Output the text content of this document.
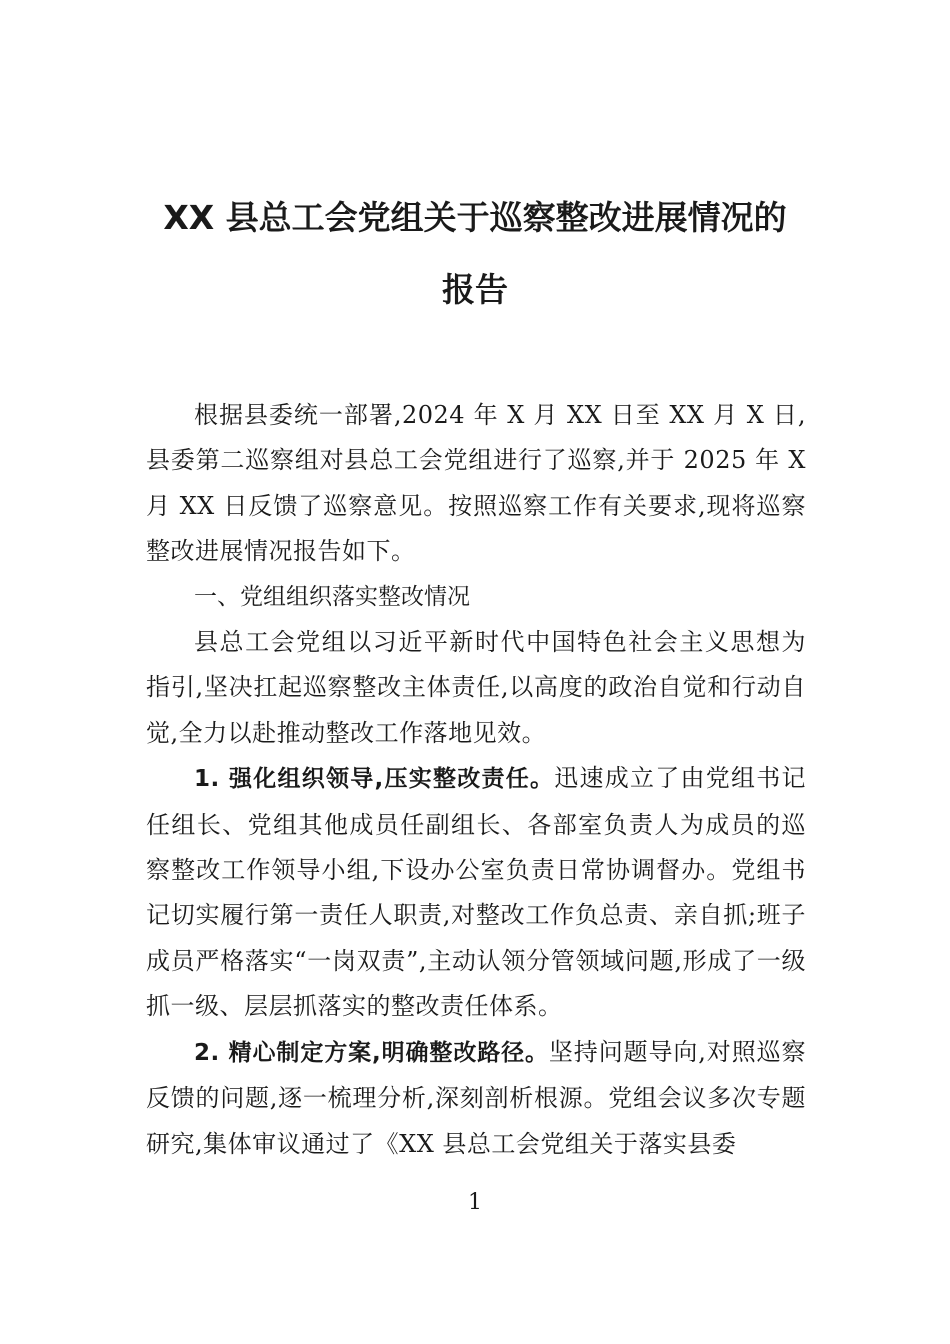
XX 县总工会党组关于巡察整改进展情况的
报告

根据县委统一部署,2024 年 X 月 XX 日至 XX 月 X 日,县委第二巡察组对县总工会党组进行了巡察,并于 2025 年 X 月 XX 日反馈了巡察意见。按照巡察工作有关要求,现将巡察整改进展情况报告如下。

一、党组组织落实整改情况

县总工会党组以习近平新时代中国特色社会主义思想为指引,坚决扛起巡察整改主体责任,以高度的政治自觉和行动自觉,全力以赴推动整改工作落地见效。

1. 强化组织领导,压实整改责任。迅速成立了由党组书记任组长、党组其他成员任副组长、各部室负责人为成员的巡察整改工作领导小组,下设办公室负责日常协调督办。党组书记切实履行第一责任人职责,对整改工作负总责、亲自抓;班子成员严格落实“一岗双责”,主动认领分管领域问题,形成了一级抓一级、层层抓落实的整改责任体系。

2. 精心制定方案,明确整改路径。坚持问题导向,对照巡察反馈的问题,逐一梳理分析,深刻剖析根源。党组会议多次专题研究,集体审议通过了《XX 县总工会党组关于落实县委

1
